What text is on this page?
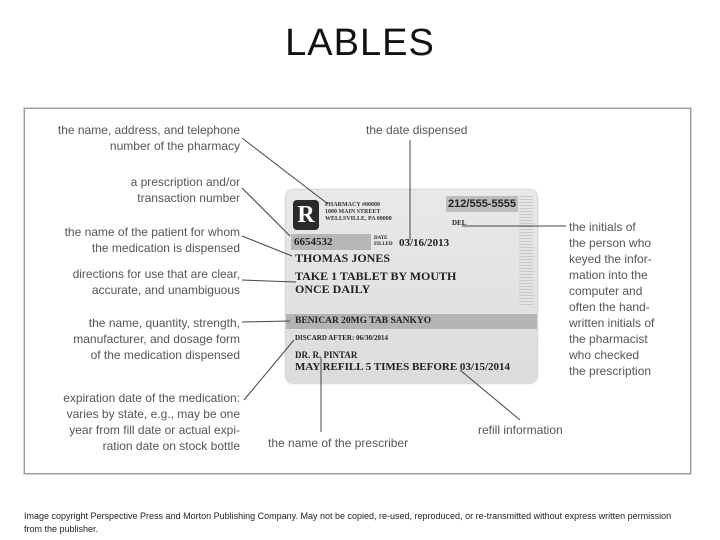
LABLES
the name, address, and telephone
number of the pharmacy
a prescription and/or
transaction number
the name of the patient for whom
the medication is dispensed
directions for use that are clear,
accurate, and unambiguous
the name, quantity, strength,
manufacturer, and dosage form
of the medication dispensed
expiration date of the medication:
varies by state, e.g., may be one
year from fill date or actual expi-
ration date on stock bottle
the date dispensed
the initials of
the person who
keyed the infor-
mation into the
computer and
often the hand-
written initials of
the pharmacist
who checked
the prescription
the name of the prescriber
refill information
R	PHARMACY #00000
1000 MAIN STREET
WELLSVILLE, PA 00000
212/555-5555
DEL
6654532	DATE
FILLED 03/16/2013
THOMAS JONES
TAKE 1 TABLET BY MOUTH
ONCE DAILY
BENICAR 20MG TAB SANKYO
DISCARD AFTER: 06/30/2014
DR. R. PINTAR
MAY REFILL 5 TIMES BEFORE 03/15/2014
Image copyright Perspective Press and Morton Publishing Company. May not be copied, re-used, reproduced, or re-transmitted without express written permission from the publisher.
